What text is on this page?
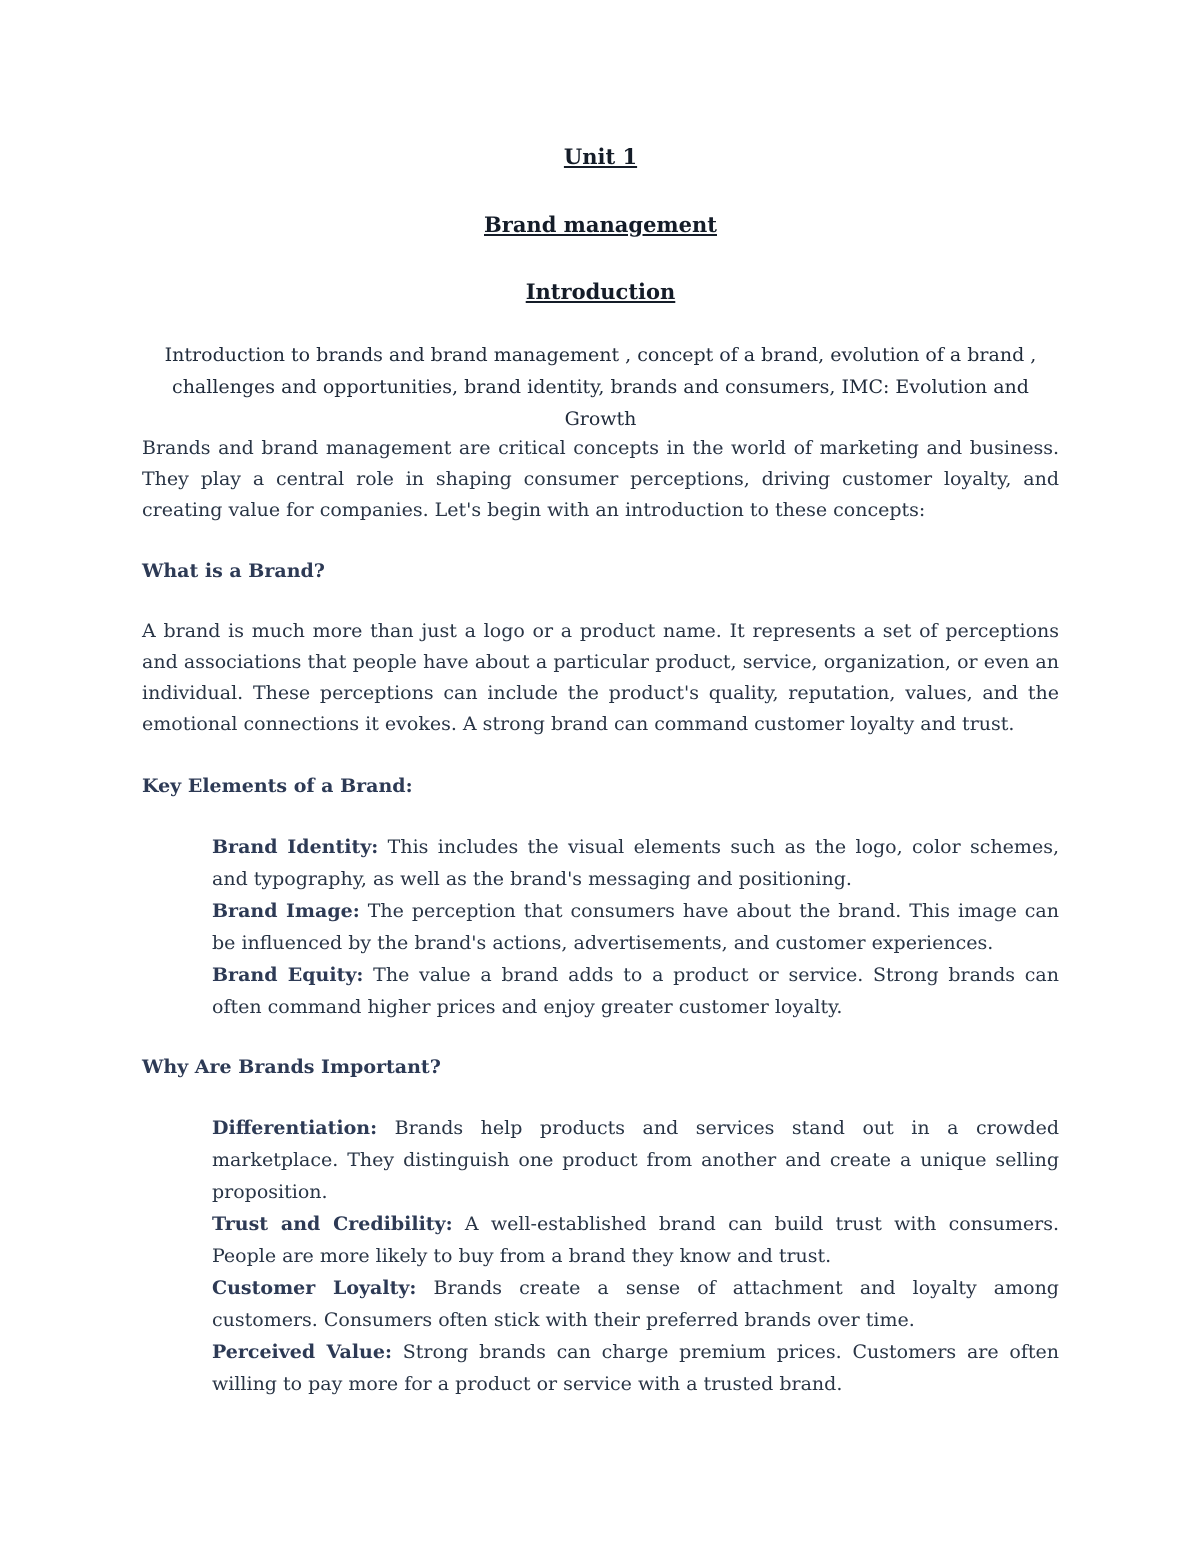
Unit 1
Brand management
Introduction

Introduction to brands and brand management , concept of a brand, evolution of a brand ,
challenges and opportunities, brand identity, brands and consumers, IMC: Evolution and Growth

Brands and brand management are critical concepts in the world of marketing and business. They play a central role in shaping consumer perceptions, driving customer loyalty, and creating value for companies. Let's begin with an introduction to these concepts:

What is a Brand?

A brand is much more than just a logo or a product name. It represents a set of perceptions and associations that people have about a particular product, service, organization, or even an individual. These perceptions can include the product's quality, reputation, values, and the emotional connections it evokes. A strong brand can command customer loyalty and trust.

Key Elements of a Brand:
Brand Identity: This includes the visual elements such as the logo, color schemes, and typography, as well as the brand's messaging and positioning.
Brand Image: The perception that consumers have about the brand. This image can be influenced by the brand's actions, advertisements, and customer experiences.
Brand Equity: The value a brand adds to a product or service. Strong brands can often command higher prices and enjoy greater customer loyalty.
Why Are Brands Important?
Differentiation: Brands help products and services stand out in a crowded marketplace. They distinguish one product from another and create a unique selling proposition.
Trust and Credibility: A well-established brand can build trust with consumers. People are more likely to buy from a brand they know and trust.
Customer Loyalty: Brands create a sense of attachment and loyalty among customers. Consumers often stick with their preferred brands over time.
Perceived Value: Strong brands can charge premium prices. Customers are often willing to pay more for a product or service with a trusted brand.
